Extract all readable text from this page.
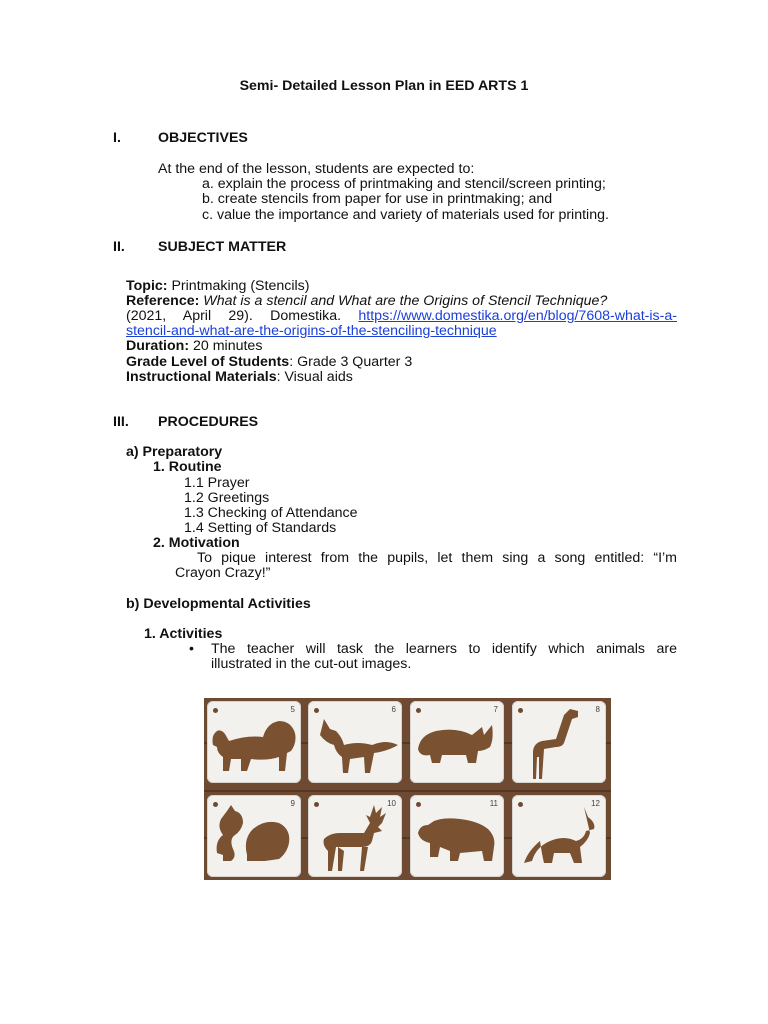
Semi- Detailed Lesson Plan in EED ARTS 1
I.	OBJECTIVES
At the end of the lesson, students are expected to:
a. explain the process of printmaking and stencil/screen printing;
b. create stencils from paper for use in printmaking; and
c. value the importance and variety of materials used for printing.
II.	SUBJECT MATTER
Topic: Printmaking (Stencils)
Reference: What is a stencil and What are the Origins of Stencil Technique?
(2021, April 29). Domestika. https://www.domestika.org/en/blog/7608-what-is-a-
stencil-and-what-are-the-origins-of-the-stenciling-technique
Duration: 20 minutes
Grade Level of Students: Grade 3 Quarter 3
Instructional Materials: Visual aids
III.	PROCEDURES
a) Preparatory
1. Routine
1.1 Prayer
1.2 Greetings
1.3 Checking of Attendance
1.4 Setting of Standards
2. Motivation
To pique interest from the pupils, let them sing a song entitled: “I’m
Crayon Crazy!”
b) Developmental Activities
1. Activities
• The teacher will task the learners to identify which animals are
illustrated in the cut-out images.
5	6	7	8
9	10	11	12
